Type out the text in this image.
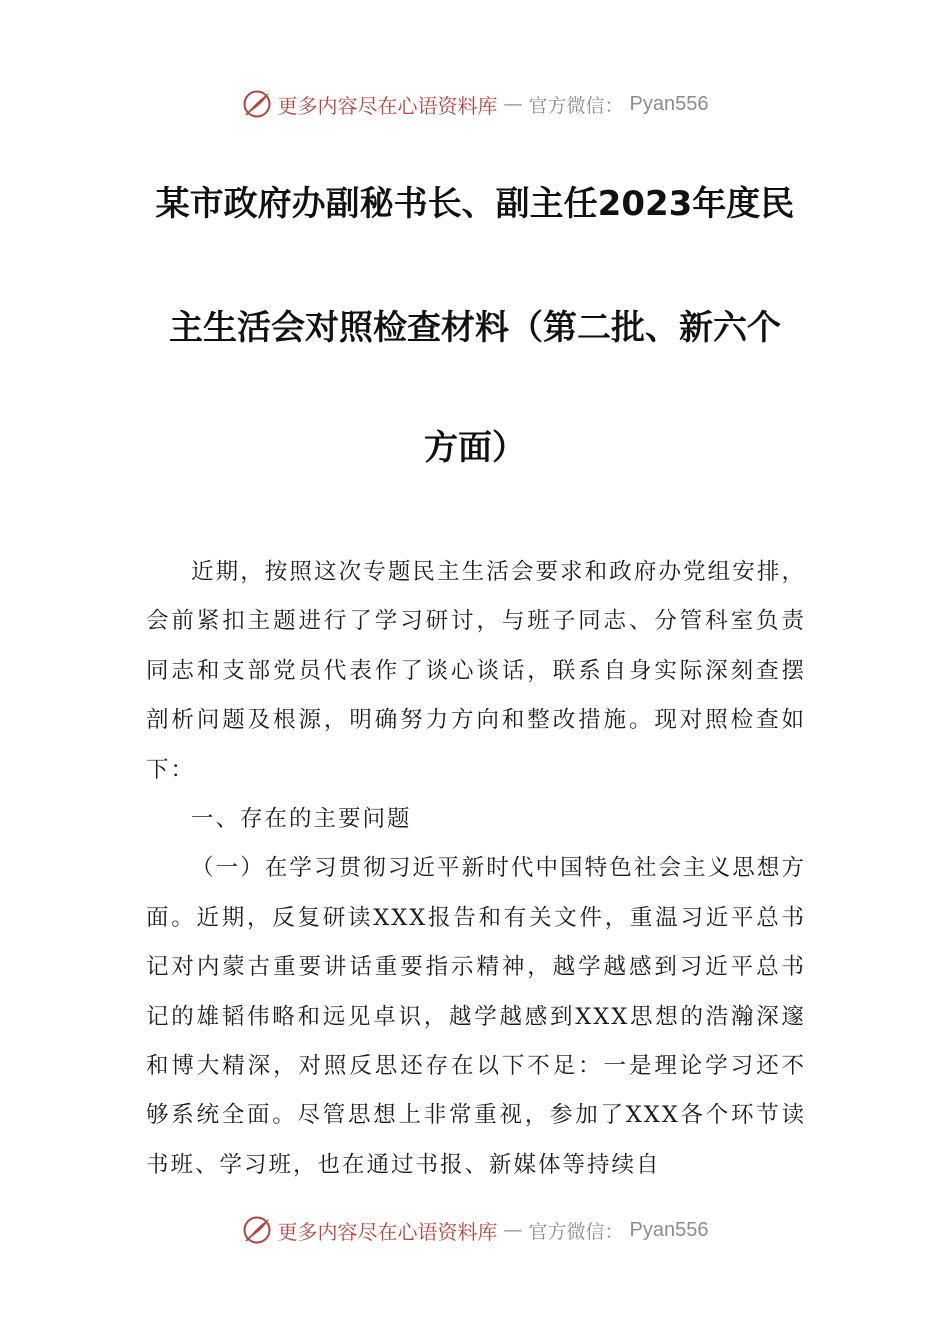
更多内容尽在心语资料库 — 官方微信： Pyan556
某市政府办副秘书长、副主任2023年度民
主生活会对照检查材料（第二批、新六个
方面）

近期，按照这次专题民主生活会要求和政府办党组安排，会前紧扣主题进行了学习研讨，与班子同志、分管科室负责同志和支部党员代表作了谈心谈话，联系自身实际深刻查摆剖析问题及根源，明确努力方向和整改措施。现对照检查如下：

一、存在的主要问题

（一）在学习贯彻习近平新时代中国特色社会主义思想方面。近期，反复研读XXX报告和有关文件，重温习近平总书记对内蒙古重要讲话重要指示精神，越学越感到习近平总书记的雄韬伟略和远见卓识，越学越感到XXX思想的浩瀚深邃和博大精深，对照反思还存在以下不足：一是理论学习还不够系统全面。尽管思想上非常重视，参加了XXX各个环节读书班、学习班，也在通过书报、新媒体等持续自

更多内容尽在心语资料库 — 官方微信： Pyan556
